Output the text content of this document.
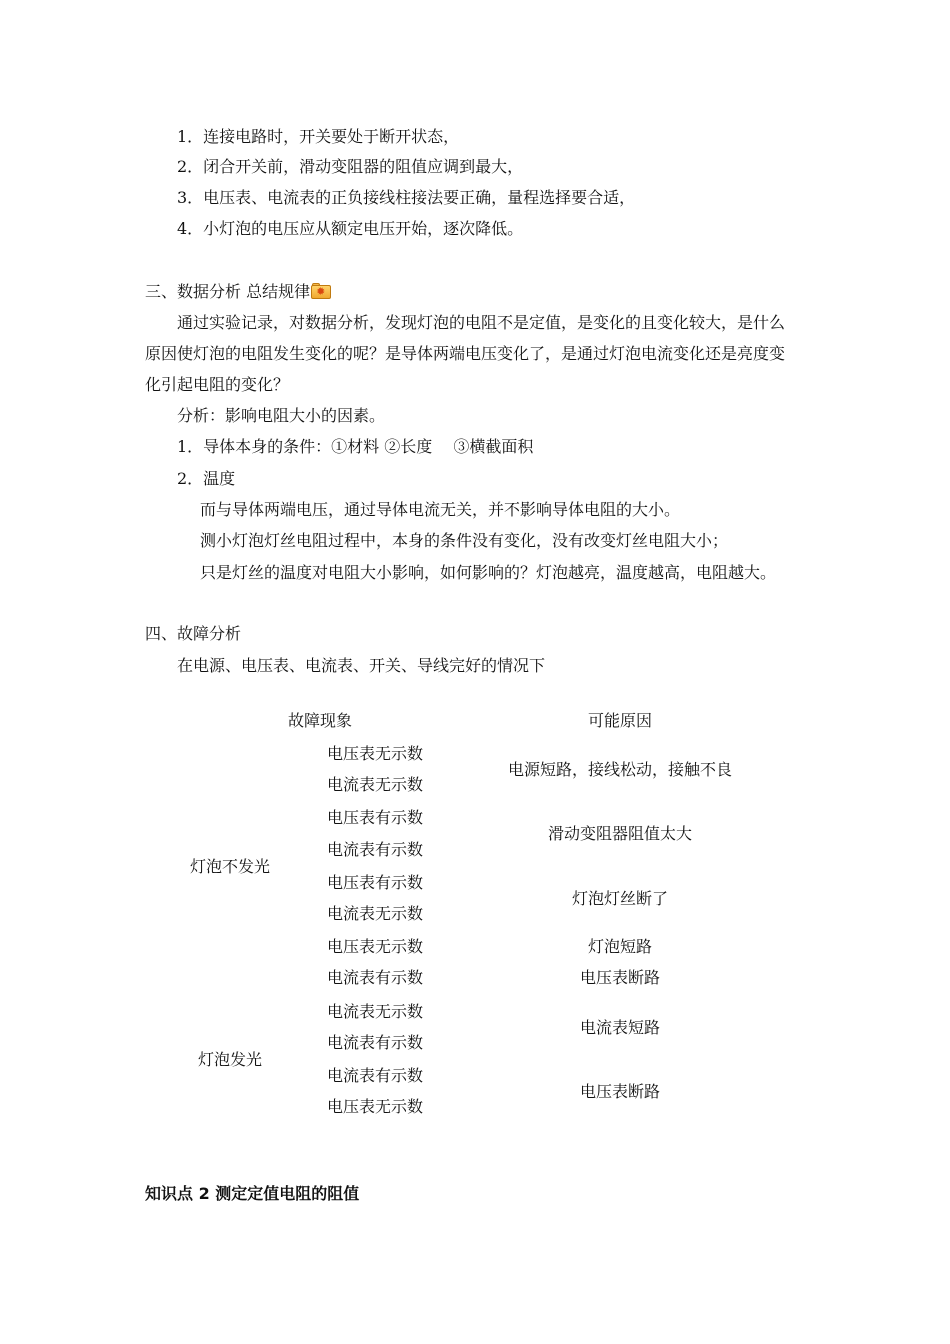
1．连接电路时，开关要处于断开状态，
2．闭合开关前，滑动变阻器的阻值应调到最大，
3．电压表、电流表的正负接线柱接法要正确，量程选择要合适，
4．小灯泡的电压应从额定电压开始，逐次降低。
三、数据分析 总结规律 ✹
通过实验记录，对数据分析，发现灯泡的电阻不是定值，是变化的且变化较大，是什么
原因使灯泡的电阻发生变化的呢？是导体两端电压变化了，是通过灯泡电流变化还是亮度变
化引起电阻的变化？
分析：影响电阻大小的因素。
1．导体本身的条件：①材料 ②长度　 ③横截面积
2．温度
而与导体两端电压，通过导体电流无关，并不影响导体电阻的大小。
测小灯泡灯丝电阻过程中，本身的条件没有变化，没有改变灯丝电阻大小；
只是灯丝的温度对电阻大小影响，如何影响的？灯泡越亮，温度越高，电阻越大。
四、故障分析
在电源、电压表、电流表、开关、导线完好的情况下
故障现象	可能原因
灯泡不发光
灯泡发光
电压表无示数
电流表无示数
电压表有示数
电流表有示数
电压表有示数
电流表无示数
电压表无示数
电流表有示数
电流表无示数
电流表有示数
电流表有示数
电压表无示数
电源短路，接线松动，接触不良
滑动变阻器阻值太大
灯泡灯丝断了
灯泡短路
电压表断路
电流表短路
电压表断路
知识点 2 测定定值电阻的阻值
